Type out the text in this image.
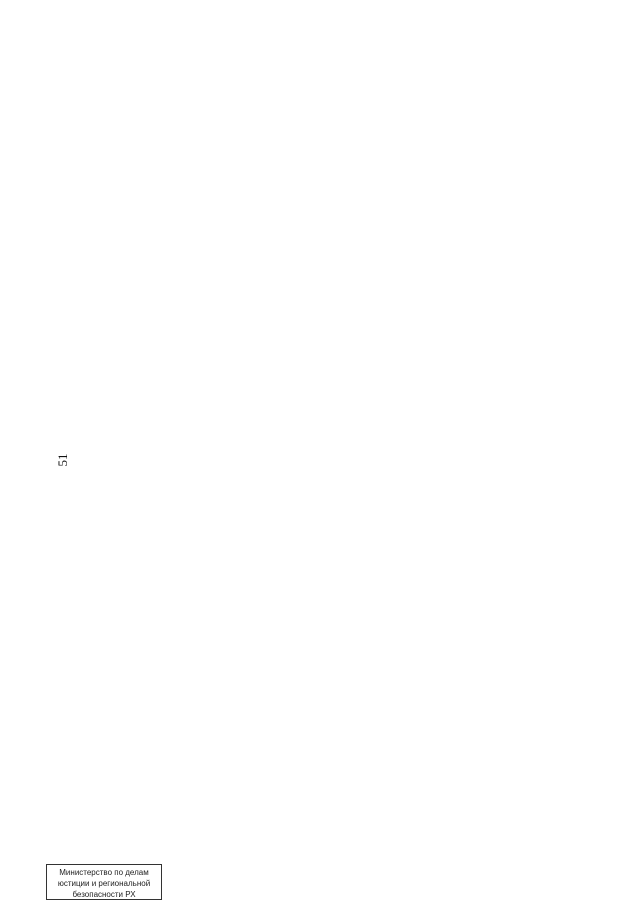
51
Министерство по делам
юстиции и региональной
безопасности РХ
